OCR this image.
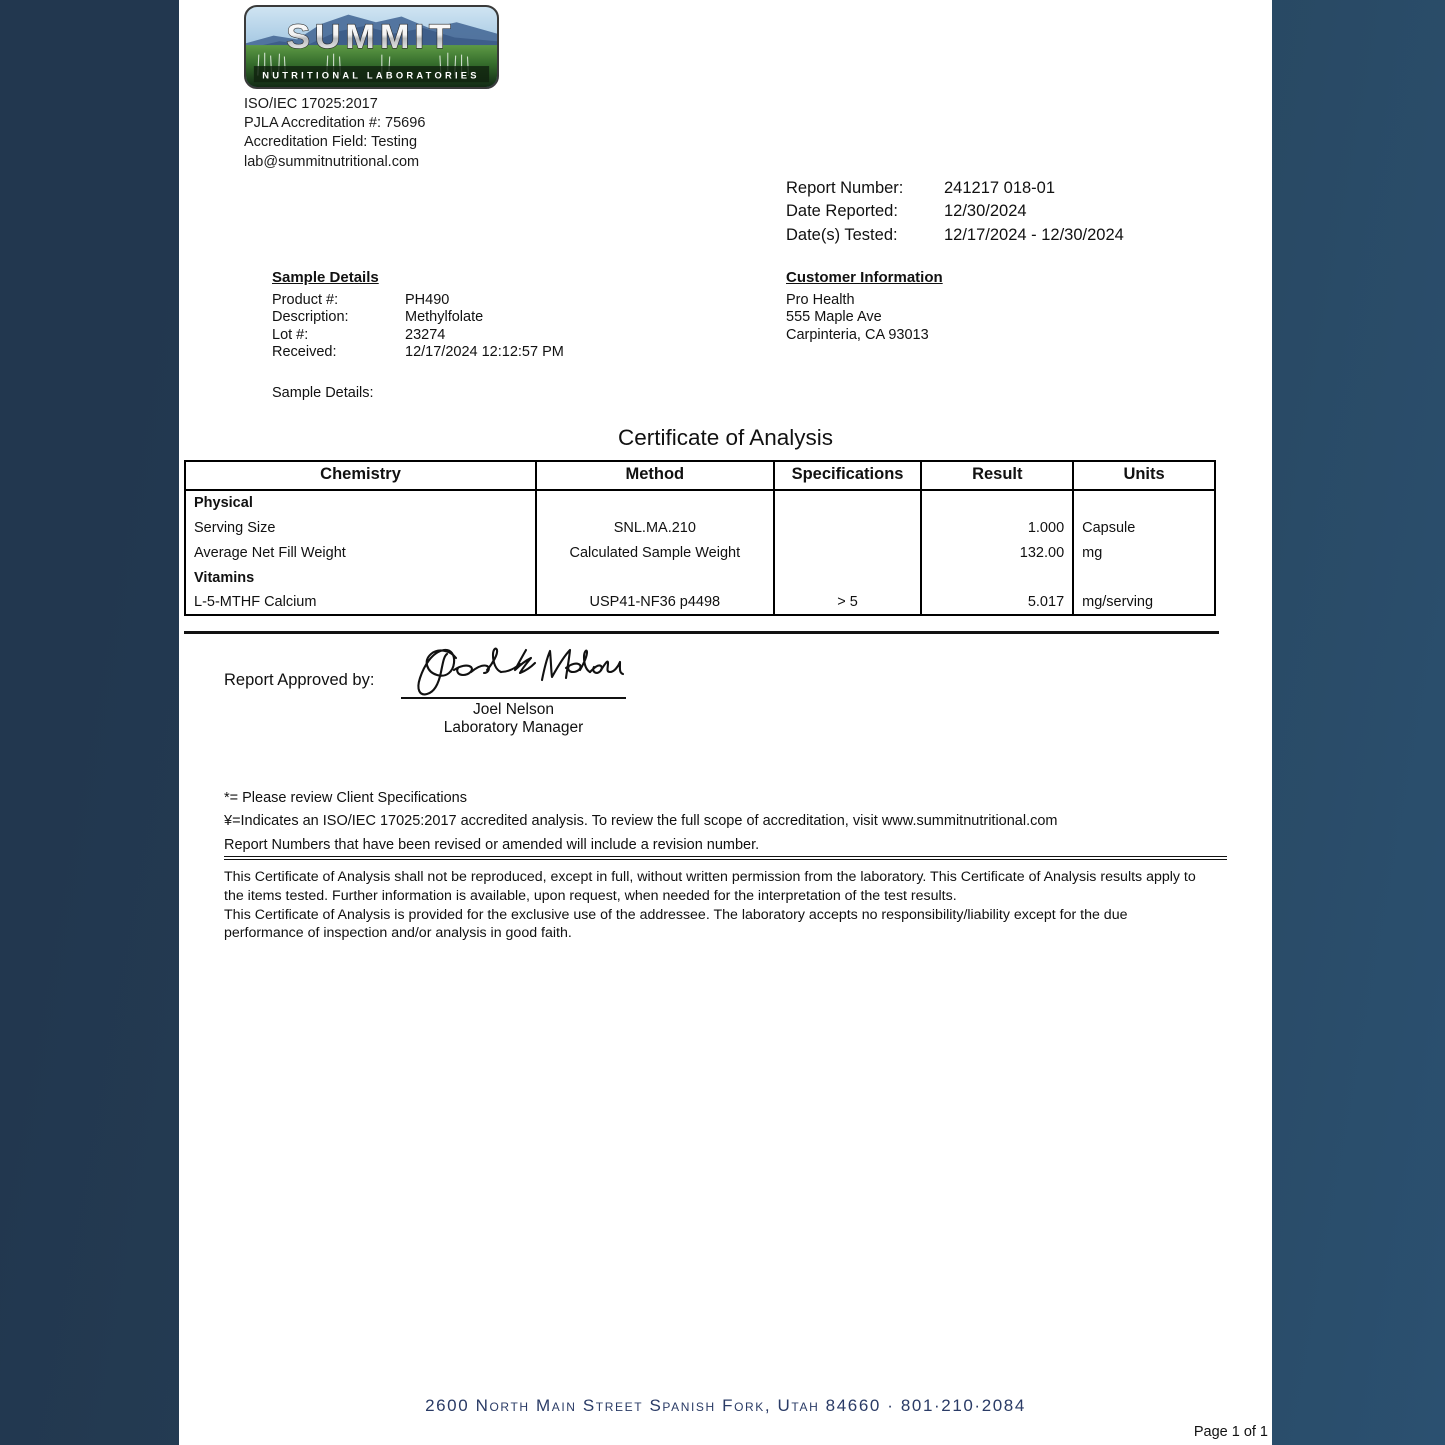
SUMMIT
NUTRITIONAL LABORATORIES
ISO/IEC 17025:2017
PJLA Accreditation #: 75696
Accreditation Field: Testing
lab@summitnutritional.com
Report Number:	241217 018-01
Date Reported:	12/30/2024
Date(s) Tested:	12/17/2024 - 12/30/2024
Sample Details
Product #:	PH490
Description:	Methylfolate
Lot #:	23274
Received:	12/17/2024 12:12:57 PM
Sample Details:
Customer Information
Pro Health
555 Maple Ave
Carpinteria, CA 93013
Certificate of Analysis
Chemistry	Method	Specifications	Result	Units
Physical				
Serving Size	SNL.MA.210		1.000	Capsule
Average Net Fill Weight	Calculated Sample Weight		132.00	mg
Vitamins				
L-5-MTHF Calcium	USP41-NF36 p4498	> 5	5.017	mg/serving
Report Approved by:
Joel Nelson
Laboratory Manager
*= Please review Client Specifications
¥=Indicates an ISO/IEC 17025:2017 accredited analysis. To review the full scope of accreditation, visit www.summitnutritional.com
Report Numbers that have been revised or amended will include a revision number.
This Certificate of Analysis shall not be reproduced, except in full, without written permission from the laboratory. This Certificate of Analysis results apply to the items tested. Further information is available, upon request, when needed for the interpretation of the test results.
This Certificate of Analysis is provided for the exclusive use of the addressee. The laboratory accepts no responsibility/liability except for the due performance of inspection and/or analysis in good faith.
2600 North Main Street Spanish Fork, Utah 84660 · 801·210·2084
Page 1 of 1
